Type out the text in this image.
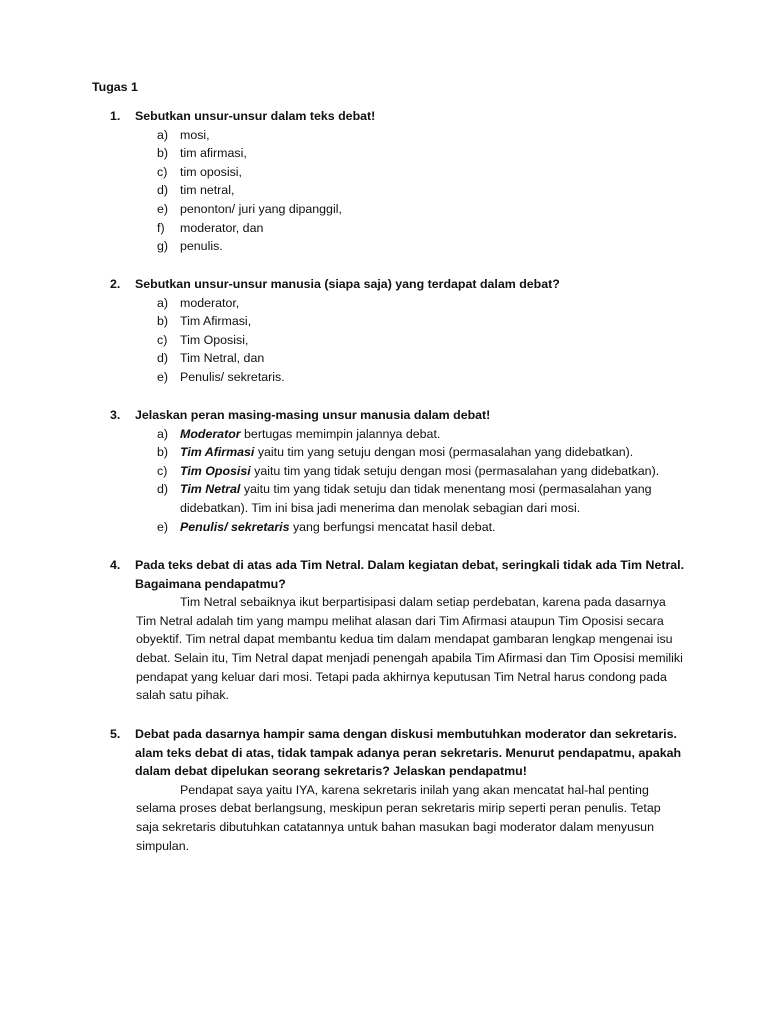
Tugas 1
1. Sebutkan unsur-unsur dalam teks debat!
a) mosi,
b) tim afirmasi,
c) tim oposisi,
d) tim netral,
e) penonton/ juri yang dipanggil,
f) moderator, dan
g) penulis.
2. Sebutkan unsur-unsur manusia (siapa saja) yang terdapat dalam debat?
a) moderator,
b) Tim Afirmasi,
c) Tim Oposisi,
d) Tim Netral, dan
e) Penulis/ sekretaris.
3. Jelaskan peran masing-masing unsur manusia dalam debat!
a) Moderator bertugas memimpin jalannya debat.
b) Tim Afirmasi yaitu tim yang setuju dengan mosi (permasalahan yang didebatkan).
c) Tim Oposisi yaitu tim yang tidak setuju dengan mosi (permasalahan yang didebatkan).
d) Tim Netral yaitu tim yang tidak setuju dan tidak menentang mosi (permasalahan yang didebatkan). Tim ini bisa jadi menerima dan menolak sebagian dari mosi.
e) Penulis/ sekretaris yang berfungsi mencatat hasil debat.
4. Pada teks debat di atas ada Tim Netral. Dalam kegiatan debat, seringkali tidak ada Tim Netral. Bagaimana pendapatmu?

Tim Netral sebaiknya ikut berpartisipasi dalam setiap perdebatan, karena pada dasarnya Tim Netral adalah tim yang mampu melihat alasan dari Tim Afirmasi ataupun Tim Oposisi secara obyektif. Tim netral dapat membantu kedua tim dalam mendapat gambaran lengkap mengenai isu debat. Selain itu, Tim Netral dapat menjadi penengah apabila Tim Afirmasi dan Tim Oposisi memiliki pendapat yang keluar dari mosi. Tetapi pada akhirnya keputusan Tim Netral harus condong pada salah satu pihak.

5. Debat pada dasarnya hampir sama dengan diskusi membutuhkan moderator dan sekretaris. alam teks debat di atas, tidak tampak adanya peran sekretaris. Menurut pendapatmu, apakah dalam debat dipelukan seorang sekretaris? Jelaskan pendapatmu!

Pendapat saya yaitu IYA, karena sekretaris inilah yang akan mencatat hal-hal penting selama proses debat berlangsung, meskipun peran sekretaris mirip seperti peran penulis. Tetap saja sekretaris dibutuhkan catatannya untuk bahan masukan bagi moderator dalam menyusun simpulan.
